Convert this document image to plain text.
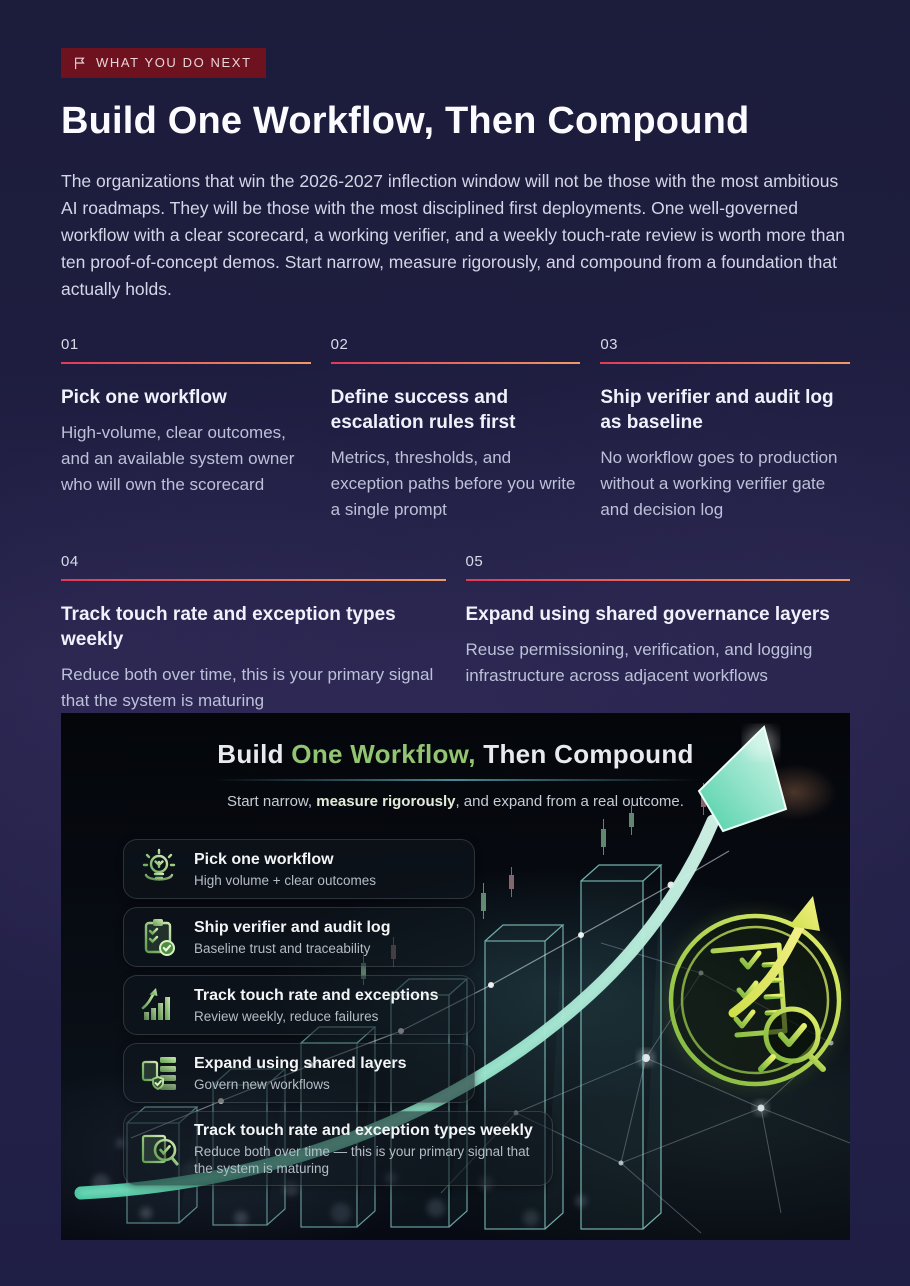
WHAT YOU DO NEXT
Build One Workflow, Then Compound

The organizations that win the 2026-2027 inflection window will not be those with the most ambitious AI roadmaps. They will be those with the most disciplined first deployments. One well-governed workflow with a clear scorecard, a working verifier, and a weekly touch-rate review is worth more than ten proof-of-concept demos. Start narrow, measure rigorously, and compound from a foundation that actually holds.

01
Pick one workflow

High-volume, clear outcomes, and an available system owner who will own the scorecard

02
Define success and escalation rules first

Metrics, thresholds, and exception paths before you write a single prompt

03
Ship verifier and audit log as baseline

No workflow goes to production without a working verifier gate and decision log

04
Track touch rate and exception types weekly

Reduce both over time, this is your primary signal that the system is maturing

05
Expand using shared governance layers

Reuse permissioning, verification, and logging infrastructure across adjacent workflows

Build One Workflow, Then Compound
Start narrow, measure rigorously, and expand from a real outcome.
Pick one workflow

High volume + clear outcomes

Ship verifier and audit log

Baseline trust and traceability

Track touch rate and exceptions

Review weekly, reduce failures

Expand using shared layers

Govern new workflows

Track touch rate and exception types weekly

Reduce both over time — this is your primary signal that the system is maturing
